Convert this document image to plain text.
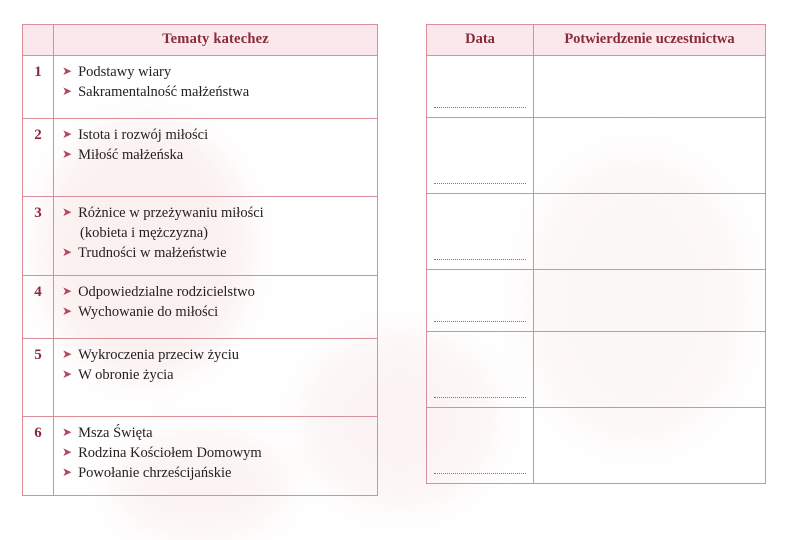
	Tematy katechez
1	➤ Podstawy wiary
➤ Sakramentalność małżeństwa

2	➤ Istota i rozwój miłości
➤ Miłość małżeńska

3	➤ Różnice w przeżywaniu miłości
(kobieta i mężczyzna)
➤ Trudności w małżeństwie

4	➤ Odpowiedzialne rodzicielstwo
➤ Wychowanie do miłości

5	➤ Wykroczenia przeciw życiu
➤ W obronie życia

6	➤ Msza Święta
➤ Rodzina Kościołem Domowym
➤ Powołanie chrześcijańskie
Data	Potwierdzenie uczestnictwa
